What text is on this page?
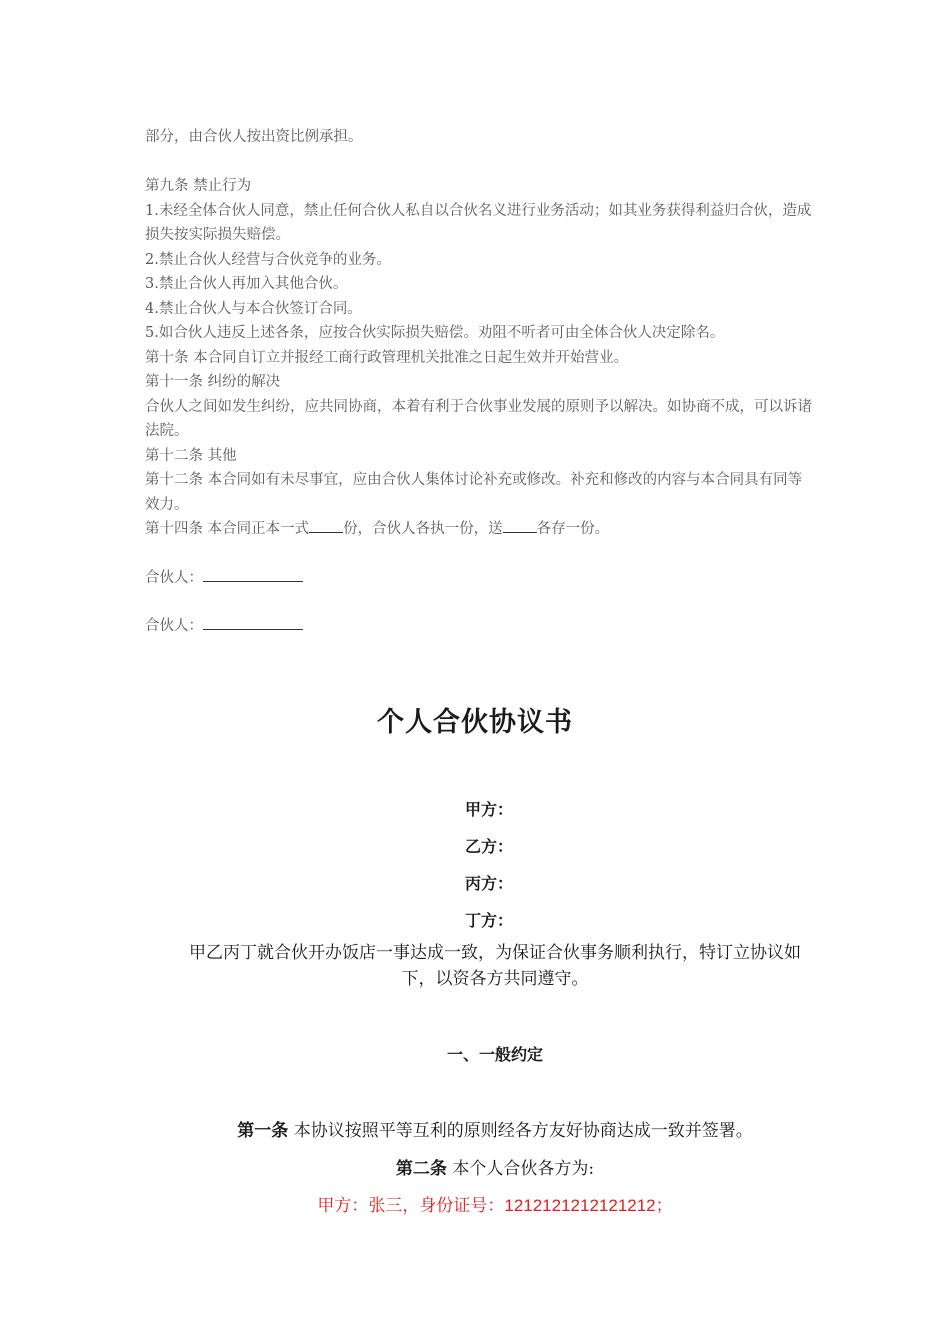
部分，由合伙人按出资比例承担。

第九条 禁止行为

1.未经全体合伙人同意，禁止任何合伙人私自以合伙名义进行业务活动；如其业务获得利益归合伙，造成损失按实际损失赔偿。

2.禁止合伙人经营与合伙竞争的业务。

3.禁止合伙人再加入其他合伙。

4.禁止合伙人与本合伙签订合同。

5.如合伙人违反上述各条，应按合伙实际损失赔偿。劝阻不听者可由全体合伙人决定除名。

第十条 本合同自订立并报经工商行政管理机关批准之日起生效并开始营业。

第十一条 纠纷的解决

合伙人之间如发生纠纷，应共同协商，本着有利于合伙事业发展的原则予以解决。如协商不成，可以诉诸法院。

第十二条 其他

第十二条 本合同如有未尽事宜，应由合伙人集体讨论补充或修改。补充和修改的内容与本合同具有同等效力。

第十四条 本合同正本一式 份，合伙人各执一份，送 各存一份。

合伙人：

合伙人：

个人合伙协议书
甲方：
乙方：
丙方：
丁方：
甲乙丙丁就合伙开办饭店一事达成一致，为保证合伙事务顺利执行，特订立协议如下，以资各方共同遵守。
一、一般约定
第一条 本协议按照平等互利的原则经各方友好协商达成一致并签署。
第二条 本个人合伙各方为:
甲方：张三，身份证号：1212121212121212；
